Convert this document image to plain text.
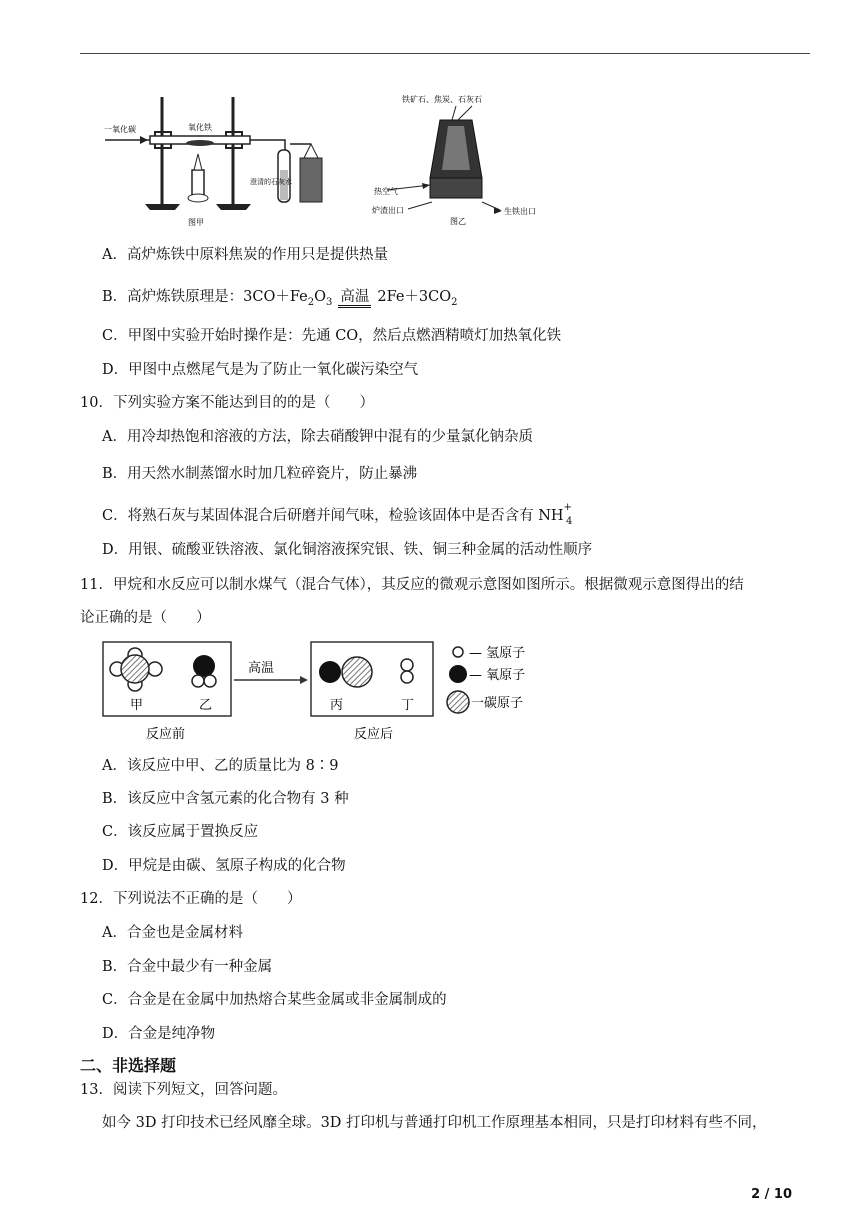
一氧化碳	氧化铁
澄清的石灰水
图甲
铁矿石、焦炭、石灰石
热空气
炉渣出口	生铁出口
图乙
A．高炉炼铁中原料焦炭的作用只是提供热量
B．高炉炼铁原理是：$3CO+Fe_2O_3$ 高温 $2Fe+3CO_2$
C．甲图中实验开始时操作是：先通 CO，然后点燃酒精喷灯加热氧化铁
D．甲图中点燃尾气是为了防止一氧化碳污染空气
10．下列实验方案不能达到目的的是（　　）
A．用冷却热饱和溶液的方法，除去硝酸钾中混有的少量氯化钠杂质
B．用天然水制蒸馏水时加几粒碎瓷片，防止暴沸
C．将熟石灰与某固体混合后研磨并闻气味，检验该固体中是否含有 $NH^+_4$
D．用银、硫酸亚铁溶液、氯化铜溶液探究银、铁、铜三种金属的活动性顺序
11．甲烷和水反应可以制水煤气（混合气体），其反应的微观示意图如图所示。根据微观示意图得出的结
论正确的是（　　）
甲	乙
高温
丙	丁
— 氢原子
— 氧原子
一碳原子
反应前	反应后
A．该反应中甲、乙的质量比为 8∶9
B．该反应中含氢元素的化合物有 3 种
C．该反应属于置换反应
D．甲烷是由碳、氢原子构成的化合物
12．下列说法不正确的是（　　）
A．合金也是金属材料
B．合金中最少有一种金属
C．合金是在金属中加热熔合某些金属或非金属制成的
D．合金是纯净物
二、非选择题
13．阅读下列短文，回答问题。
如今 3D 打印技术已经风靡全球。3D 打印机与普通打印机工作原理基本相同，只是打印材料有些不同，
2 / 10
